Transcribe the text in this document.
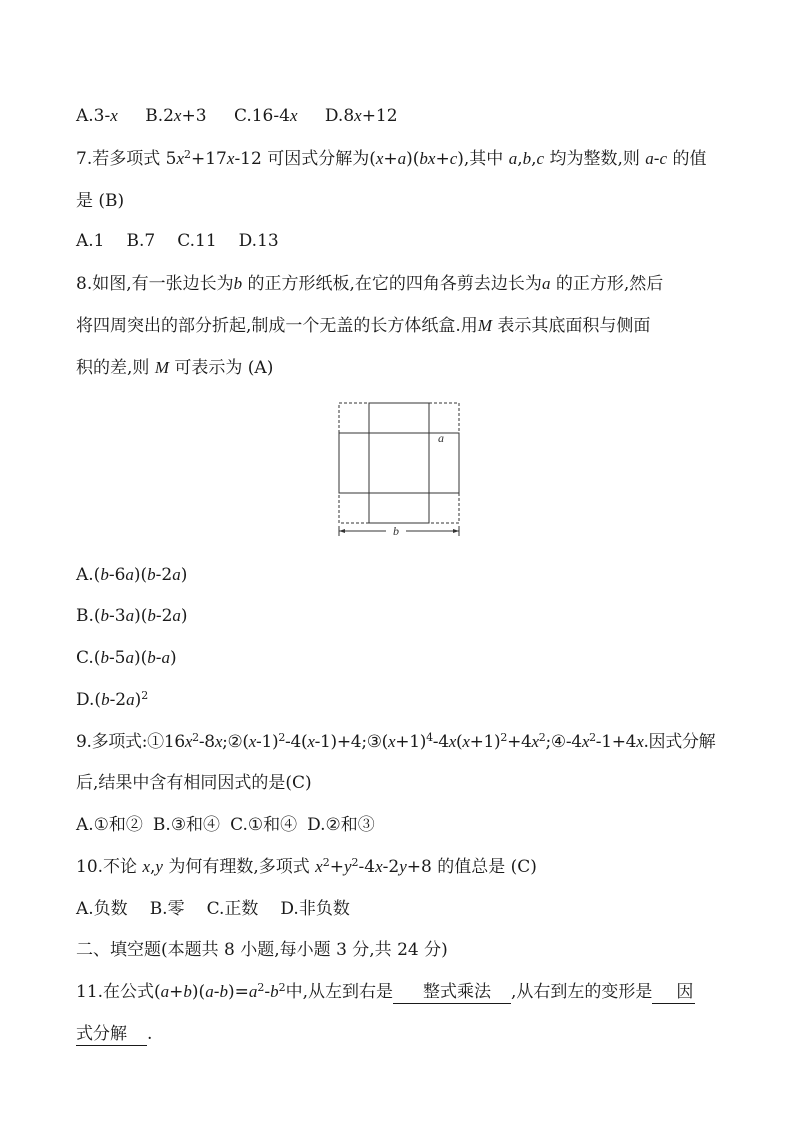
A.3-x B.2x+3 C.16-4x D.8x+12
7.若多项式 $5x^2+17x-12$ 可因式分解为(x+a)(bx+c),其中 a,b,c 均为整数,则 a-c 的值
是 (B)
A.1 B.7 C.11 D.13
8.如图,有一张边长为b 的正方形纸板,在它的四角各剪去边长为a 的正方形,然后
将四周突出的部分折起,制成一个无盖的长方体纸盒.用M 表示其底面积与侧面
积的差,则 M 可表示为 (A)
a
b
A.(b-6a)(b-2a)
B.(b-3a)(b-2a)
C.(b-5a)(b-a)
$D.(b-2a)^2$
9.多项式$:①16x^2-8x;②(x-1)^2-4(x-1)+4;③(x+1)^4-4x(x+1)^2+4x^2;④-4x^2-1+4x$.因式分解
后,结果中含有相同因式的是(C)
A.①和② B.③和④ C.①和④ D.②和③
10.不论 x,y 为何有理数,多项式 $x^2+y^2-4x-2y+8$ 的值总是 (C)
A.负数 B.零 C.正数 D.非负数
二、填空题(本题共 8 小题,每小题 3 分,共 24 分)
11.在公式$(a+b)(a-b)=a^2-b^2$中,从左到右是 整式乘法 ,从右到左的变形是 因
式分解 .
